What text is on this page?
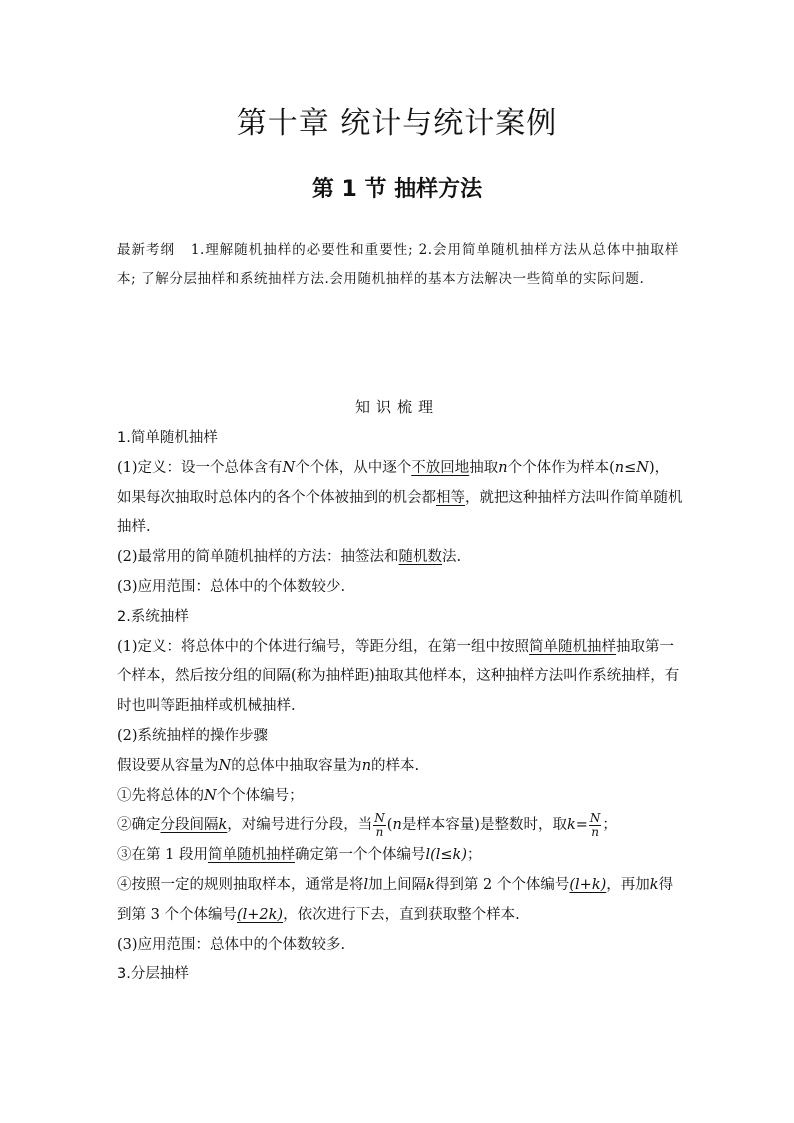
第十章 统计与统计案例
第 1 节 抽样方法
最新考纲 1.理解随机抽样的必要性和重要性; 2.会用简单随机抽样方法从总体中抽取样本; 了解分层抽样和系统抽样方法.会用随机抽样的基本方法解决一些简单的实际问题.
知识梳理

1.简单随机抽样

(1)定义：设一个总体含有N个个体，从中逐个不放回地抽取n个个体作为样本(n≤N)，如果每次抽取时总体内的各个个体被抽到的机会都相等，就把这种抽样方法叫作简单随机抽样.

(2)最常用的简单随机抽样的方法：抽签法和随机数法.

(3)应用范围：总体中的个体数较少.

2.系统抽样

(1)定义：将总体中的个体进行编号，等距分组，在第一组中按照简单随机抽样抽取第一个样本，然后按分组的间隔(称为抽样距)抽取其他样本，这种抽样方法叫作系统抽样，有时也叫等距抽样或机械抽样.

(2)系统抽样的操作步骤

假设要从容量为N的总体中抽取容量为n的样本.

①先将总体的N个个体编号；

②确定分段间隔k，对编号进行分段，当 $\frac{N}{n} (n$是样本容量)是整数时，取$k= \frac{N}{n}$ ；

③在第 1 段用简单随机抽样确定第一个个体编号l(l≤k)；

④按照一定的规则抽取样本，通常是将l加上间隔k得到第 2 个个体编号(l+k)，再加k得到第 3 个个体编号(l+2k)，依次进行下去，直到获取整个样本.

(3)应用范围：总体中的个体数较多.

3.分层抽样
